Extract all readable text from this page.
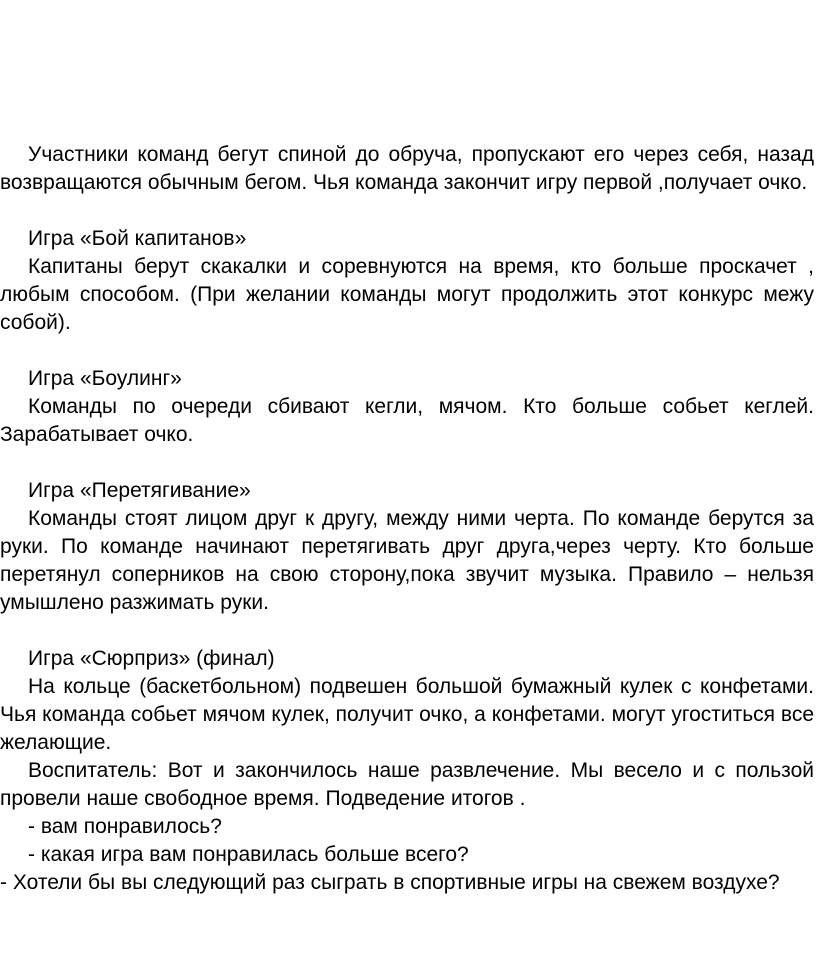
Участники команд бегут спиной до обруча, пропускают его через себя, назад возвращаются обычным бегом. Чья команда закончит игру первой ,получает очко.

Игра «Бой капитанов»

Капитаны берут скакалки и соревнуются на время, кто больше проскачет , любым способом. (При желании команды могут продолжить этот конкурс межу собой).

Игра «Боулинг»

Команды по очереди сбивают кегли, мячом. Кто больше собьет кеглей. Зарабатывает очко.

Игра «Перетягивание»

Команды стоят лицом друг к другу, между ними черта. По команде берутся за руки. По команде начинают перетягивать друг друга,через черту. Кто больше перетянул соперников на свою сторону,пока звучит музыка. Правило – нельзя умышлено разжимать руки.

Игра «Сюрприз» (финал)

На кольце (баскетбольном) подвешен большой бумажный кулек с конфетами. Чья команда собьет мячом кулек, получит очко, а конфетами. могут угоститься все желающие.

Воспитатель: Вот и закончилось наше развлечение. Мы весело и с пользой провели наше свободное время. Подведение итогов .

- вам понравилось?

- какая игра вам понравилась больше всего?

- Хотели бы вы следующий раз сыграть в спортивные игры на свежем воздухе?
